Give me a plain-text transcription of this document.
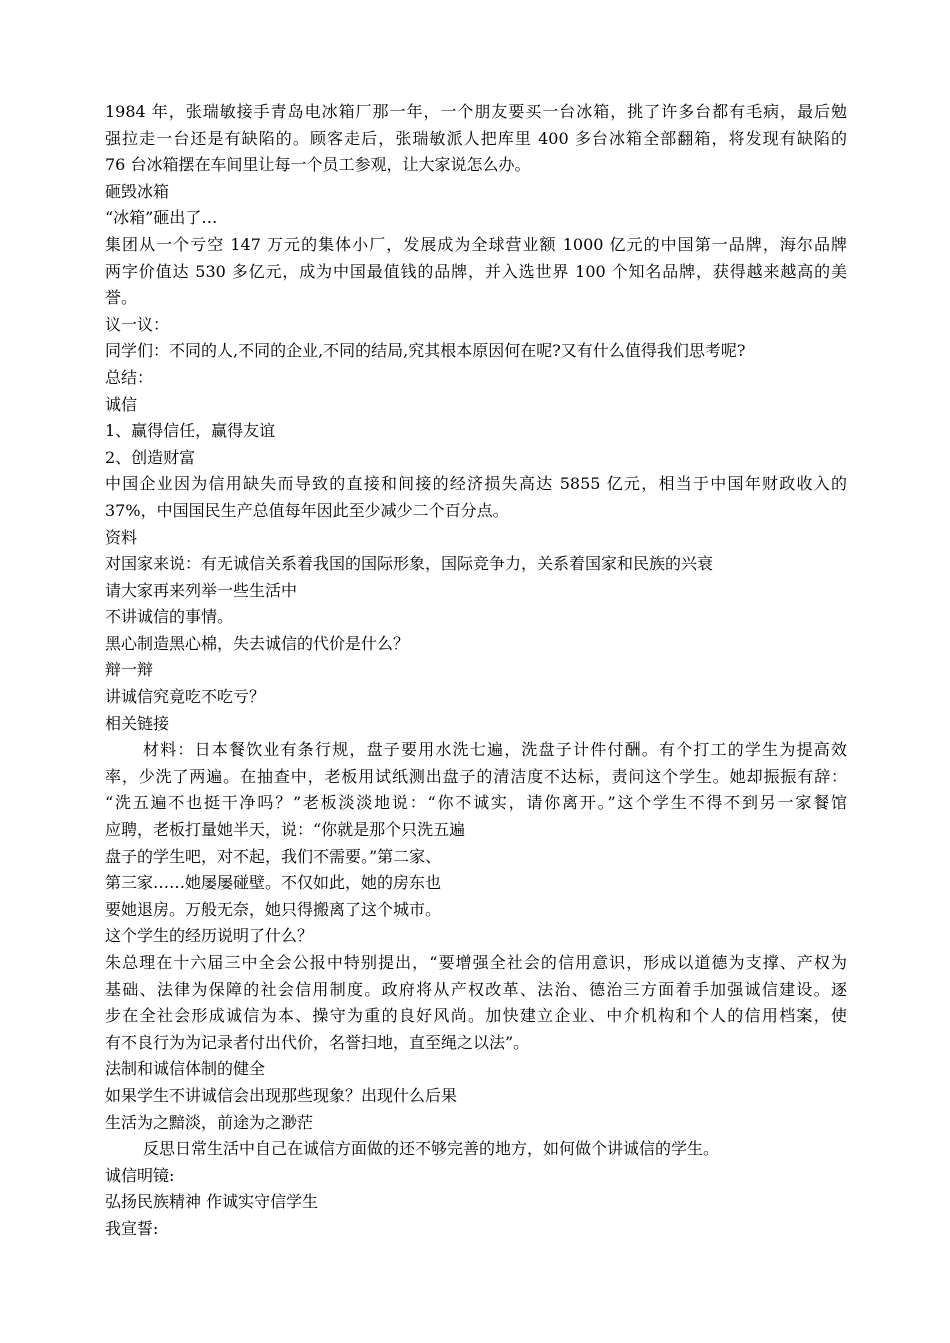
1984 年，张瑞敏接手青岛电冰箱厂那一年，一个朋友要买一台冰箱，挑了许多台都有毛病，最后勉
强拉走一台还是有缺陷的。顾客走后，张瑞敏派人把库里 400 多台冰箱全部翻箱，将发现有缺陷的
76 台冰箱摆在车间里让每一个员工参观，让大家说怎么办。
砸毁冰箱
“冰箱”砸出了…
集团从一个亏空 147 万元的集体小厂，发展成为全球营业额 1000 亿元的中国第一品牌，海尔品牌
两字价值达 530 多亿元，成为中国最值钱的品牌，并入选世界 100 个知名品牌，获得越来越高的美
誉。
议一议：
同学们：不同的人,不同的企业,不同的结局,究其根本原因何在呢?又有什么值得我们思考呢?
总结：
诚信
1、赢得信任，赢得友谊
2、创造财富
中国企业因为信用缺失而导致的直接和间接的经济损失高达 5855 亿元，相当于中国年财政收入的
37%，中国国民生产总值每年因此至少减少二个百分点。
资料
对国家来说：有无诚信关系着我国的国际形象，国际竞争力，关系着国家和民族的兴衰
请大家再来列举一些生活中
不讲诚信的事情。
黑心制造黑心棉，失去诚信的代价是什么？
辩一辩
讲诚信究竟吃不吃亏？
相关链接
材料：日本餐饮业有条行规，盘子要用水洗七遍，洗盘子计件付酬。有个打工的学生为提高效
率，少洗了两遍。在抽查中，老板用试纸测出盘子的清洁度不达标，责问这个学生。她却振振有辞：
“洗五遍不也挺干净吗？”老板淡淡地说：“你不诚实，请你离开。”这个学生不得不到另一家餐馆
应聘，老板打量她半天，说：“你就是那个只洗五遍
盘子的学生吧，对不起，我们不需要。”第二家、
第三家……她屡屡碰壁。不仅如此，她的房东也
要她退房。万般无奈，她只得搬离了这个城市。
这个学生的经历说明了什么？
朱总理在十六届三中全会公报中特别提出，“要增强全社会的信用意识，形成以道德为支撑、产权为
基础、法律为保障的社会信用制度。政府将从产权改革、法治、德治三方面着手加强诚信建设。逐
步在全社会形成诚信为本、操守为重的良好风尚。加快建立企业、中介机构和个人的信用档案，使
有不良行为为记录者付出代价，名誉扫地，直至绳之以法”。
法制和诚信体制的健全
如果学生不讲诚信会出现那些现象？出现什么后果
生活为之黯淡，前途为之渺茫
反思日常生活中自己在诚信方面做的还不够完善的地方，如何做个讲诚信的学生。
诚信明镜:
弘扬民族精神 作诚实守信学生
我宣誓:
